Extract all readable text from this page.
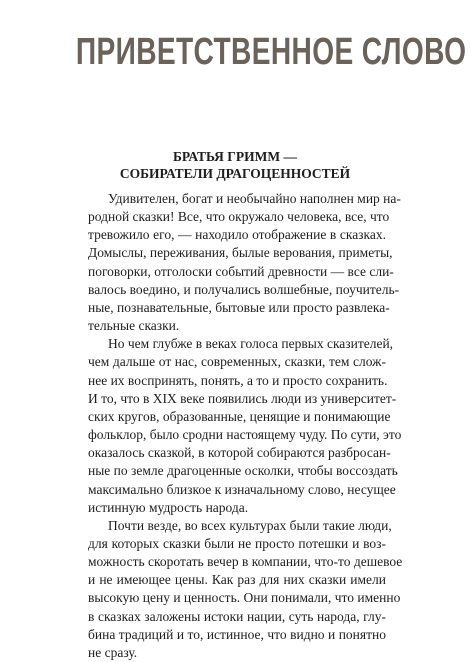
ПРИВЕТСТВЕННОЕ СЛОВО
БРАТЬЯ ГРИММ —
СОБИРАТЕЛИ ДРАГОЦЕННОСТЕЙ
Удивителен, богат и необычайно наполнен мир на-
родной сказки! Все, что окружало человека, все, что
тревожило его, — находило отображение в сказках.
Домыслы, переживания, былые верования, приметы,
поговорки, отголоски событий древности — все сли-
валось воедино, и получались волшебные, поучитель-
ные, познавательные, бытовые или просто развлека-
тельные сказки.
Но чем глубже в веках голоса первых сказителей,
чем дальше от нас, современных, сказки, тем слож-
нее их воспринять, понять, а то и просто сохранить.
И то, что в XIX веке появились люди из университет-
ских кругов, образованные, ценящие и понимающие
фольклор, было сродни настоящему чуду. По сути, это
оказалось сказкой, в которой собираются разбросан-
ные по земле драгоценные осколки, чтобы воссоздать
максимально близкое к изначальному слово, несущее
истинную мудрость народа.
Почти везде, во всех культурах были такие люди,
для которых сказки были не просто потешки и воз-
можность скоротать вечер в компании, что-то дешевое
и не имеющее цены. Как раз для них сказки имели
высокую цену и ценность. Они понимали, что именно
в сказках заложены истоки нации, суть народа, глу-
бина традиций и то, истинное, что видно и понятно
не сразу.
